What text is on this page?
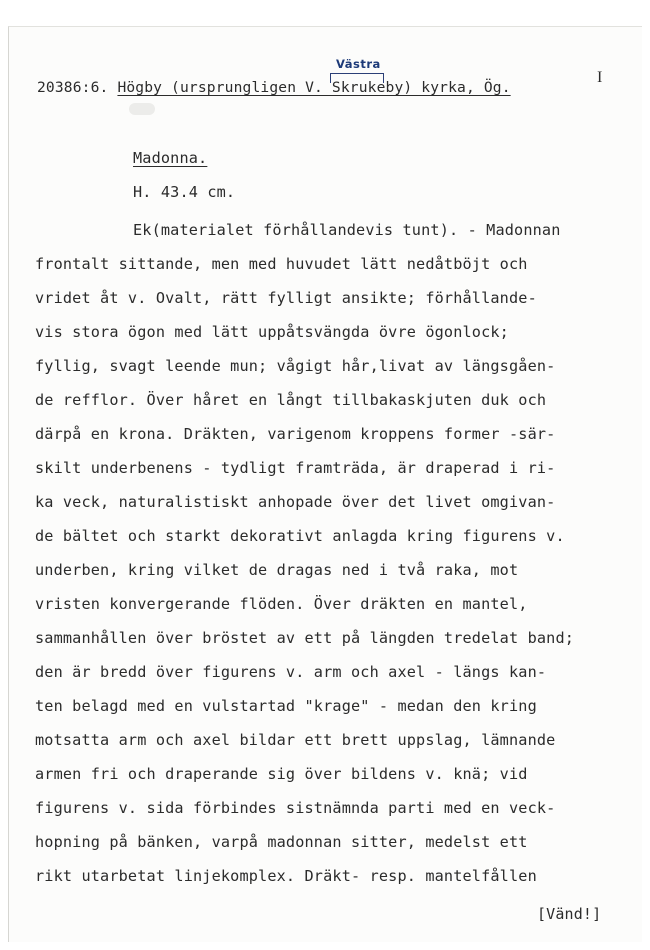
Västra
I
20386:6. Högby (ursprungligen V. Skrukeby) kyrka, Ög.
Madonna.
H. 43.4 cm.
Ek(materialet förhållandevis tunt). - Madonnan
frontalt sittande, men med huvudet lätt nedåtböjt och
vridet åt v. Ovalt, rätt fylligt ansikte; förhållande-
vis stora ögon med lätt uppåtsvängda övre ögonlock;
fyllig, svagt leende mun; vågigt hår,livat av längsgåen-
de refflor. Över håret en långt tillbakaskjuten duk och
därpå en krona. Dräkten, varigenom kroppens former -sär-
skilt underbenens - tydligt framträda, är draperad i ri-
ka veck, naturalistiskt anhopade över det livet omgivan-
de bältet och starkt dekorativt anlagda kring figurens v.
underben, kring vilket de dragas ned i två raka, mot
vristen konvergerande flöden. Över dräkten en mantel,
sammanhållen över bröstet av ett på längden tredelat band;
den är bredd över figurens v. arm och axel - längs kan-
ten belagd med en vulstartad "krage" - medan den kring
motsatta arm och axel bildar ett brett uppslag, lämnande
armen fri och draperande sig över bildens v. knä; vid
figurens v. sida förbindes sistnämnda parti med en veck-
hopning på bänken, varpå madonnan sitter, medelst ett
rikt utarbetat linjekomplex. Dräkt- resp. mantelfållen
[Vänd!]
